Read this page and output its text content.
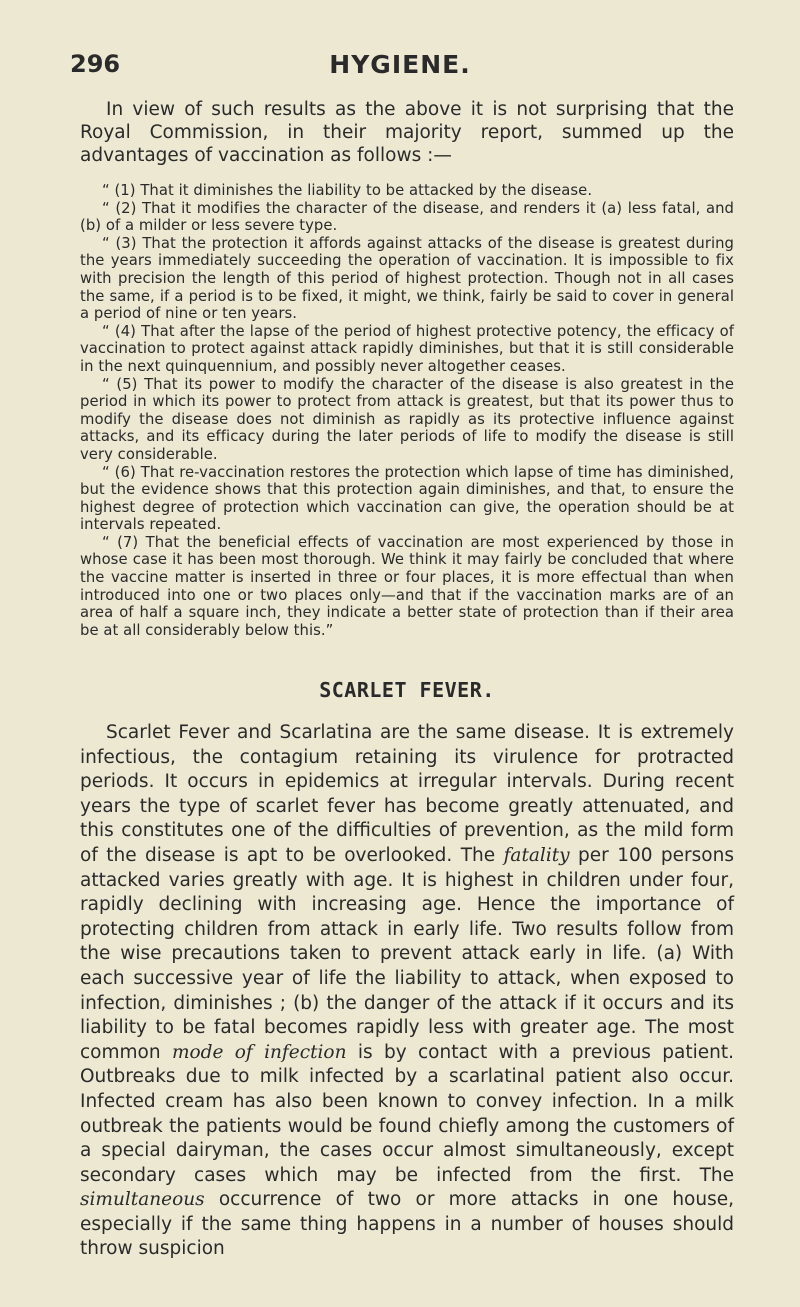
296	HYGIENE.

In view of such results as the above it is not surprising that the Royal Commission, in their majority report, summed up the advantages of vaccination as follows :—

“ (1) That it diminishes the liability to be attacked by the disease.

“ (2) That it modifies the character of the disease, and renders it (a) less fatal, and (b) of a milder or less severe type.

“ (3) That the protection it affords against attacks of the disease is greatest during the years immediately succeeding the operation of vaccination. It is impossible to fix with precision the length of this period of highest protection. Though not in all cases the same, if a period is to be fixed, it might, we think, fairly be said to cover in general a period of nine or ten years.

“ (4) That after the lapse of the period of highest protective potency, the efficacy of vaccination to protect against attack rapidly diminishes, but that it is still considerable in the next quinquennium, and possibly never altogether ceases.

“ (5) That its power to modify the character of the disease is also greatest in the period in which its power to protect from attack is greatest, but that its power thus to modify the disease does not diminish as rapidly as its protective influence against attacks, and its efficacy during the later periods of life to modify the disease is still very considerable.

“ (6) That re-vaccination restores the protection which lapse of time has diminished, but the evidence shows that this protection again diminishes, and that, to ensure the highest degree of protection which vaccination can give, the operation should be at intervals repeated.

“ (7) That the beneficial effects of vaccination are most experienced by those in whose case it has been most thorough. We think it may fairly be concluded that where the vaccine matter is inserted in three or four places, it is more effectual than when introduced into one or two places only—and that if the vaccination marks are of an area of half a square inch, they indicate a better state of protection than if their area be at all considerably below this.”

SCARLET FEVER.

Scarlet Fever and Scarlatina are the same disease. It is extremely infectious, the contagium retaining its virulence for protracted periods. It occurs in epidemics at irregular intervals. During recent years the type of scarlet fever has become greatly attenuated, and this constitutes one of the difficulties of prevention, as the mild form of the disease is apt to be overlooked. The fatality per 100 persons attacked varies greatly with age. It is highest in children under four, rapidly declining with increasing age. Hence the importance of protecting children from attack in early life. Two results follow from the wise precautions taken to prevent attack early in life. (a) With each successive year of life the liability to attack, when exposed to infection, diminishes ; (b) the danger of the attack if it occurs and its liability to be fatal becomes rapidly less with greater age. The most common mode of infection is by contact with a previous patient. Outbreaks due to milk infected by a scarlatinal patient also occur. Infected cream has also been known to convey infection. In a milk outbreak the patients would be found chiefly among the customers of a special dairyman, the cases occur almost simultaneously, except secondary cases which may be infected from the first. The simultaneous occurrence of two or more attacks in one house, especially if the same thing happens in a number of houses should throw suspicion
